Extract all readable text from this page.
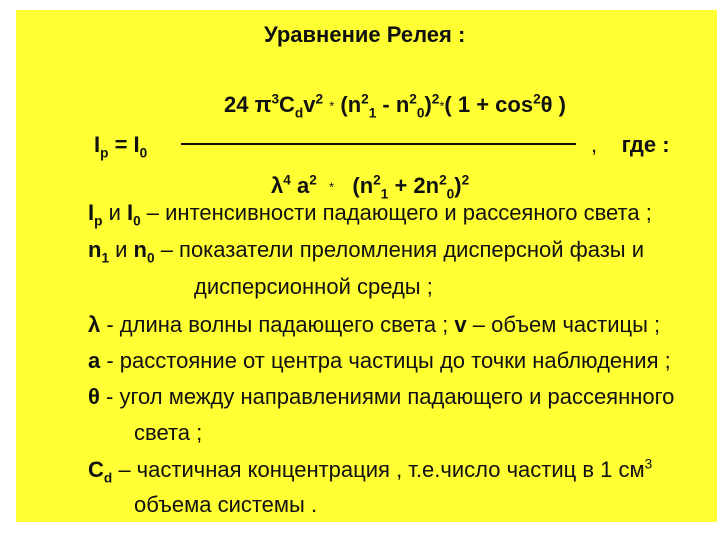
Уравнение Релея :
24 $\pi^3C_dv^2 * (n^2_1 - n^2_0)^2*$( $1 + \cos^2\theta$ )
$I_p = I_0$	, где :
$\lambda^4$ $a^2 * (n^2_1 + 2n^2_0)^2$
$I_p$ и $I_0$ – интенсивности падающего и рассеяного света ;
$n_1$ и $n_0$ – показатели преломления дисперсной фазы и
дисперсионной среды ;
λ - длина волны падающего света ; v – объем частицы ;
a - расстояние от центра частицы до точки наблюдения ;
θ - угол между направлениями падающего и рассеянного
света ;
$C_d$ – частичная концентрация , т.е.число частиц в 1 $см^3$
объема системы .
